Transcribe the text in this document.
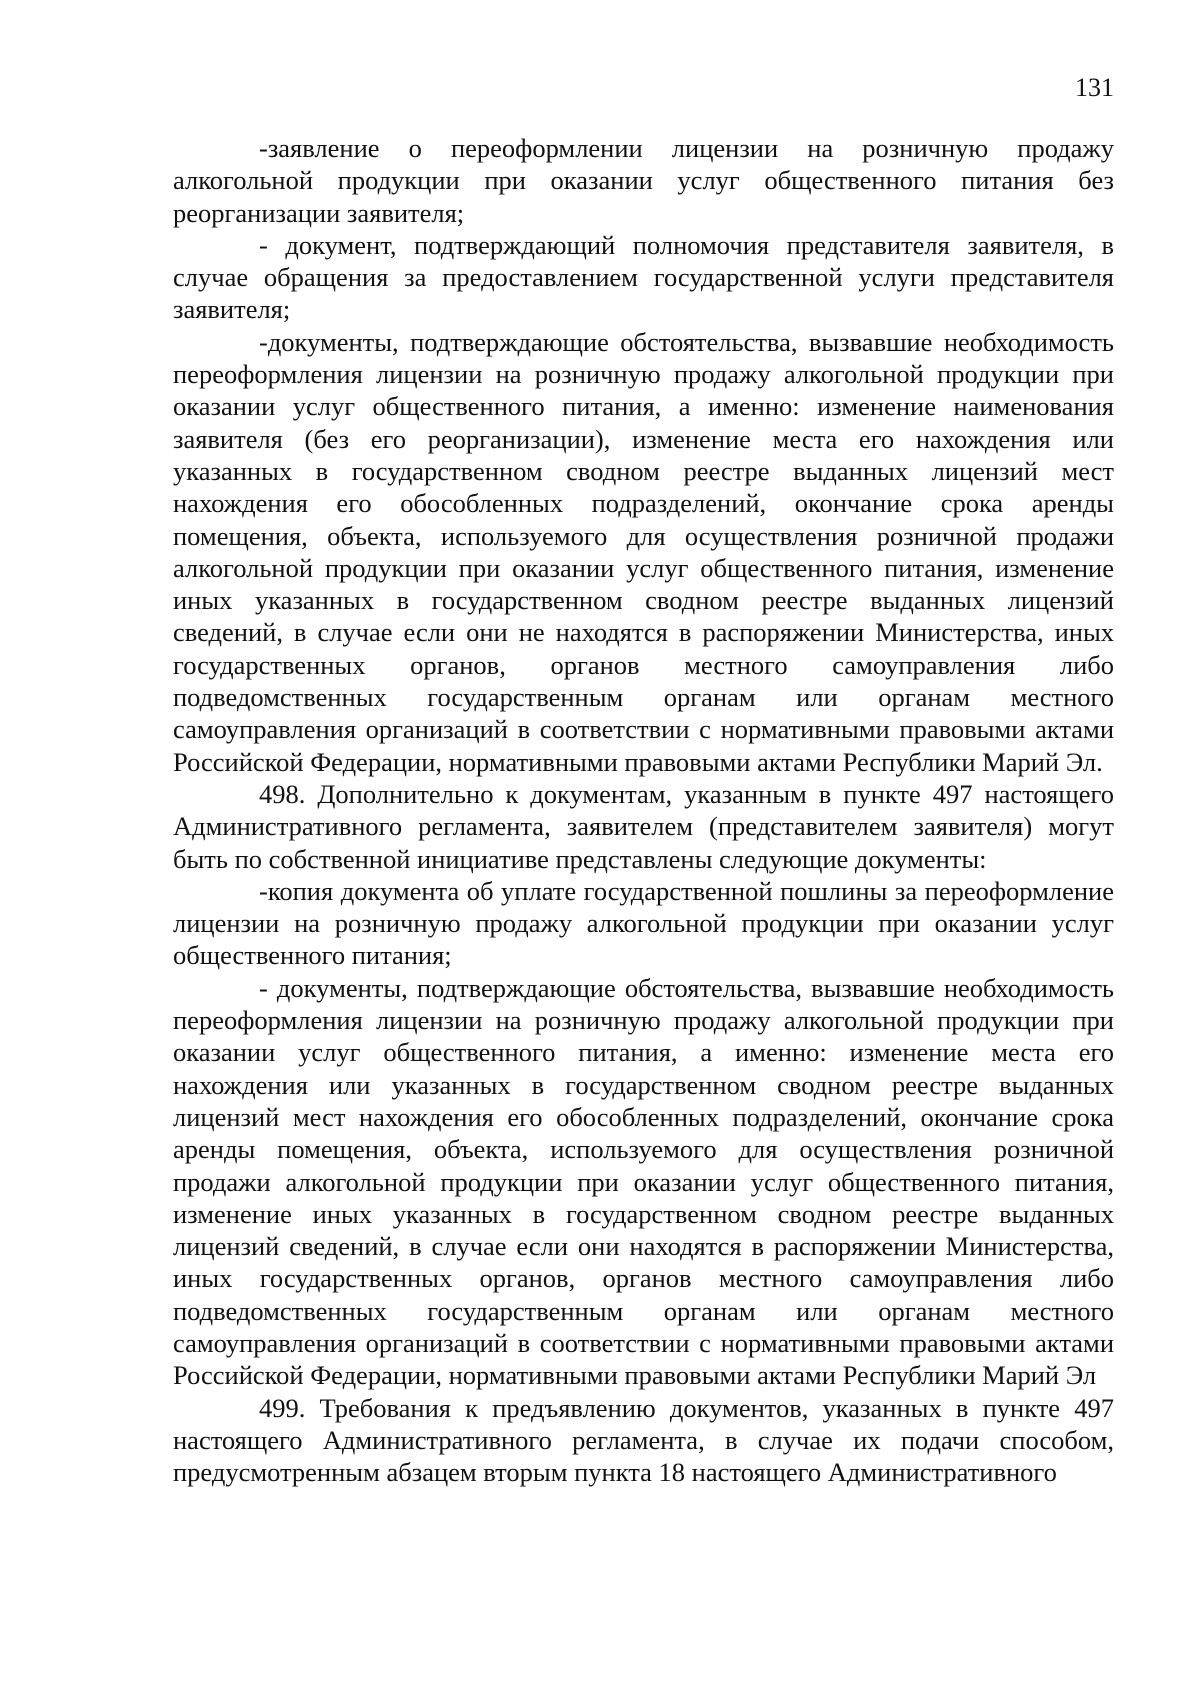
131

-заявление о переоформлении лицензии на розничную продажу алкогольной продукции при оказании услуг общественного питания без реорганизации заявителя;

- документ, подтверждающий полномочия представителя заявителя, в случае обращения за предоставлением государственной услуги представителя заявителя;

-документы, подтверждающие обстоятельства, вызвавшие необходимость переоформления лицензии на розничную продажу алкогольной продукции при оказании услуг общественного питания, а именно: изменение наименования заявителя (без его реорганизации), изменение места его нахождения или указанных в государственном сводном реестре выданных лицензий мест нахождения его обособленных подразделений, окончание срока аренды помещения, объекта, используемого для осуществления розничной продажи алкогольной продукции при оказании услуг общественного питания, изменение иных указанных в государственном сводном реестре выданных лицензий сведений, в случае если они не находятся в распоряжении Министерства, иных государственных органов, органов местного самоуправления либо подведомственных государственным органам или органам местного самоуправления организаций в соответствии с нормативными правовыми актами Российской Федерации, нормативными правовыми актами Республики Марий Эл.

498. Дополнительно к документам, указанным в пункте 497 настоящего Административного регламента, заявителем (представителем заявителя) могут быть по собственной инициативе представлены следующие документы:

-копия документа об уплате государственной пошлины за переоформление лицензии на розничную продажу алкогольной продукции при оказании услуг общественного питания;

- документы, подтверждающие обстоятельства, вызвавшие необходимость переоформления лицензии на розничную продажу алкогольной продукции при оказании услуг общественного питания, а именно: изменение места его нахождения или указанных в государственном сводном реестре выданных лицензий мест нахождения его обособленных подразделений, окончание срока аренды помещения, объекта, используемого для осуществления розничной продажи алкогольной продукции при оказании услуг общественного питания, изменение иных указанных в государственном сводном реестре выданных лицензий сведений, в случае если они находятся в распоряжении Министерства, иных государственных органов, органов местного самоуправления либо подведомственных государственным органам или органам местного самоуправления организаций в соответствии с нормативными правовыми актами Российской Федерации, нормативными правовыми актами Республики Марий Эл

499. Требования к предъявлению документов, указанных в пункте 497 настоящего Административного регламента, в случае их подачи способом, предусмотренным абзацем вторым пункта 18 настоящего Административного
